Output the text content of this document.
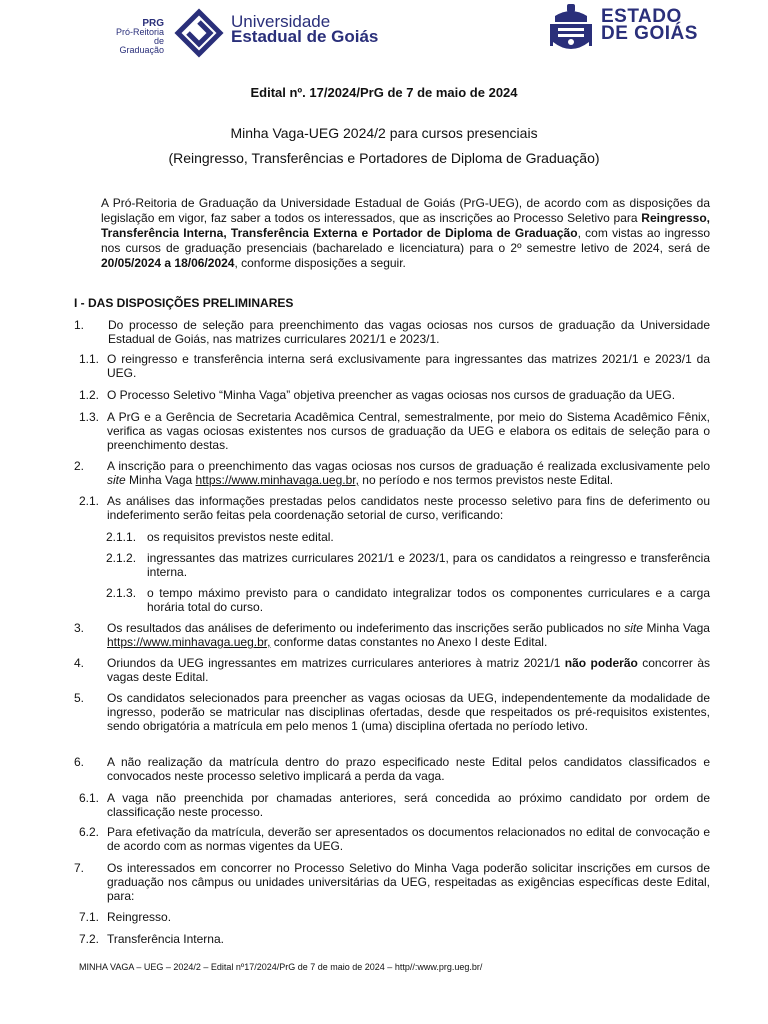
PRG
Pró-Reitoria de
Graduação
Universidade
Estadual de Goiás
ESTADO
DE GOIÁS
Edital nº. 17/2024/PrG de 7 de maio de 2024
Minha Vaga-UEG 2024/2 para cursos presenciais
(Reingresso, Transferências e Portadores de Diploma de Graduação)
A Pró-Reitoria de Graduação da Universidade Estadual de Goiás (PrG-UEG), de acordo com as disposições da legislação em vigor, faz saber a todos os interessados, que as inscrições ao Processo Seletivo para Reingresso, Transferência Interna, Transferência Externa e Portador de Diploma de Graduação, com vistas ao ingresso nos cursos de graduação presenciais (bacharelado e licenciatura) para o 2º semestre letivo de 2024, será de 20/05/2024 a 18/06/2024, conforme disposições a seguir.
I - DAS DISPOSIÇÕES PRELIMINARES
1. Do processo de seleção para preenchimento das vagas ociosas nos cursos de graduação da Universidade Estadual de Goiás, nas matrizes curriculares 2021/1 e 2023/1.
1.1. O reingresso e transferência interna será exclusivamente para ingressantes das matrizes 2021/1 e 2023/1 da UEG.
1.2. O Processo Seletivo “Minha Vaga” objetiva preencher as vagas ociosas nos cursos de graduação da UEG.
1.3. A PrG e a Gerência de Secretaria Acadêmica Central, semestralmente, por meio do Sistema Acadêmico Fênix, verifica as vagas ociosas existentes nos cursos de graduação da UEG e elabora os editais de seleção para o preenchimento destas.
2. A inscrição para o preenchimento das vagas ociosas nos cursos de graduação é realizada exclusivamente pelo site Minha Vaga https://www.minhavaga.ueg.br, no período e nos termos previstos neste Edital.
2.1. As análises das informações prestadas pelos candidatos neste processo seletivo para fins de deferimento ou indeferimento serão feitas pela coordenação setorial de curso, verificando:
2.1.1. os requisitos previstos neste edital.
2.1.2. ingressantes das matrizes curriculares 2021/1 e 2023/1, para os candidatos a reingresso e transferência interna.
2.1.3. o tempo máximo previsto para o candidato integralizar todos os componentes curriculares e a carga horária total do curso.
3. Os resultados das análises de deferimento ou indeferimento das inscrições serão publicados no site Minha Vaga https://www.minhavaga.ueg.br, conforme datas constantes no Anexo I deste Edital.
4. Oriundos da UEG ingressantes em matrizes curriculares anteriores à matriz 2021/1 não poderão concorrer às vagas deste Edital.
5. Os candidatos selecionados para preencher as vagas ociosas da UEG, independentemente da modalidade de ingresso, poderão se matricular nas disciplinas ofertadas, desde que respeitados os pré-requisitos existentes, sendo obrigatória a matrícula em pelo menos 1 (uma) disciplina ofertada no período letivo.
6. A não realização da matrícula dentro do prazo especificado neste Edital pelos candidatos classificados e convocados neste processo seletivo implicará a perda da vaga.
6.1. A vaga não preenchida por chamadas anteriores, será concedida ao próximo candidato por ordem de classificação neste processo.
6.2. Para efetivação da matrícula, deverão ser apresentados os documentos relacionados no edital de convocação e de acordo com as normas vigentes da UEG.
7. Os interessados em concorrer no Processo Seletivo do Minha Vaga poderão solicitar inscrições em cursos de graduação nos câmpus ou unidades universitárias da UEG, respeitadas as exigências específicas deste Edital, para:
7.1. Reingresso.
7.2. Transferência Interna.
MINHA VAGA – UEG – 2024/2 – Edital nº17/2024/PrG de 7 de maio de 2024 – http//:www.prg.ueg.br/
